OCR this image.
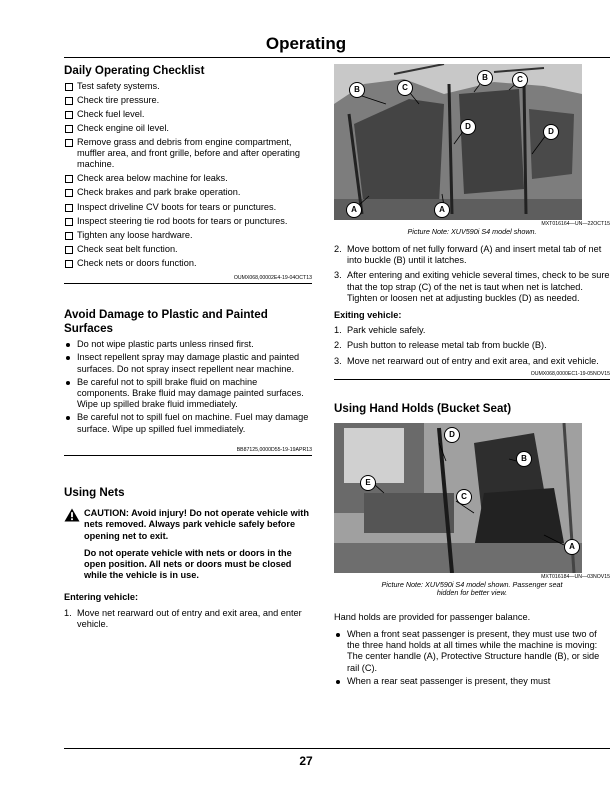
Operating
Daily Operating Checklist
Test safety systems.
Check tire pressure.
Check fuel level.
Check engine oil level.
Remove grass and debris from engine compartment, muffler area, and front grille, before and after operating machine.
Check area below machine for leaks.
Check brakes and park brake operation.
Inspect driveline CV boots for tears or punctures.
Inspect steering tie rod boots for tears or punctures.
Tighten any loose hardware.
Check seat belt function.
Check nets or doors function.
OUMX068,00002E4-19-04OCT13
Avoid Damage to Plastic and Painted Surfaces
Do not wipe plastic parts unless rinsed first.
Insect repellent spray may damage plastic and painted surfaces. Do not spray insect repellent near machine.
Be careful not to spill brake fluid on machine components. Brake fluid may damage painted surfaces. Wipe up spilled brake fluid immediately.
Be careful not to spill fuel on machine. Fuel may damage surface. Wipe up spilled fuel immediately.
BB87125,0000D55-19-19APR13
Using Nets
CAUTION: Avoid injury! Do not operate vehicle with nets removed. Always park vehicle safely before opening net to exit.
Do not operate vehicle with nets or doors in the open position. All nets or doors must be closed while the vehicle is in use.
Entering vehicle:
1. Move net rearward out of entry and exit area, and enter vehicle.
B	C
B	C
D
D
A	A
MXT016164—UN—22OCT15
Picture Note: XUV590i S4 model shown.
2. Move bottom of net fully forward (A) and insert metal tab of net into buckle (B) until it latches.
3. After entering and exiting vehicle several times, check to be sure that the top strap (C) of the net is taut when net is latched. Tighten or loosen net at adjusting buckles (D) as needed.
Exiting vehicle:
1. Park vehicle safely.
2. Push button to release metal tab from buckle (B).
3. Move net rearward out of entry and exit area, and exit vehicle.
OUMX068,0000EC1-19-05NOV15
Using Hand Holds (Bucket Seat)
D
B
E
C
A
MXT016184—UN—03NOV15
Picture Note: XUV590i S4 model shown. Passenger seat
hidden for better view.
Hand holds are provided for passenger balance.
When a front seat passenger is present, they must use two of the three hand holds at all times while the machine is moving: The center handle (A), Protective Structure handle (B), or side rail (C).
When a rear seat passenger is present, they must
27
